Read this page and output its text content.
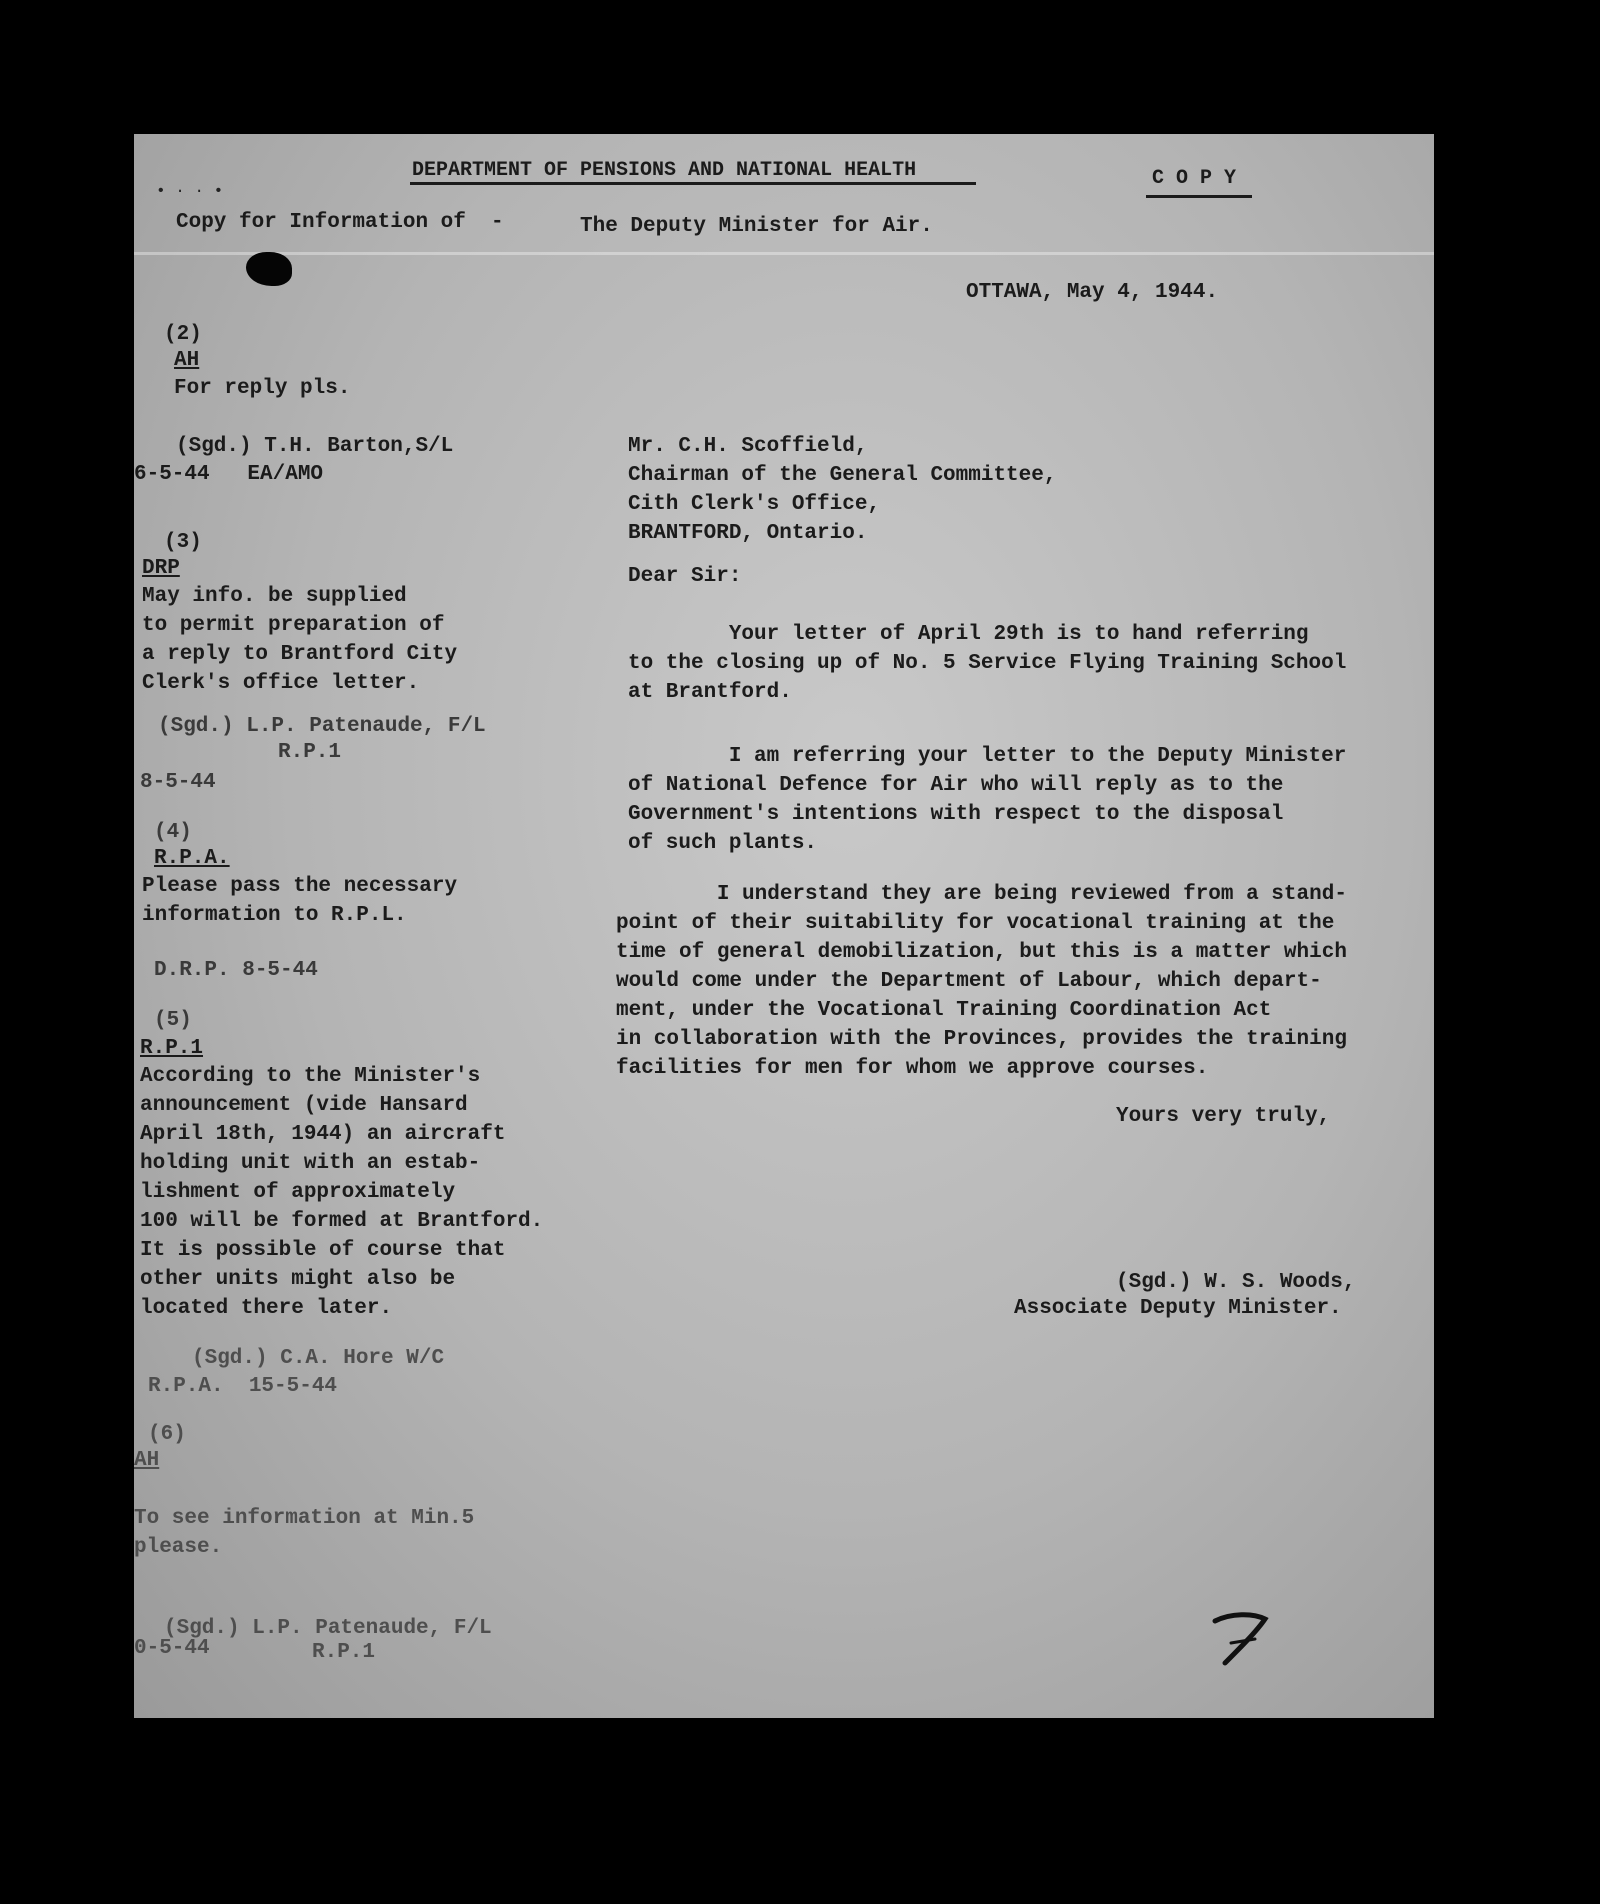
• · · •
DEPARTMENT OF PENSIONS AND NATIONAL HEALTH	C O P Y
Copy for Information of  -	The Deputy Minister for Air.
OTTAWA, May 4, 1944.
(2)
AH
For reply pls.
(Sgd.) T.H. Barton,S/L
6-5-44   EA/AMO
(3)
DRP
May info. be supplied
to permit preparation of
a reply to Brantford City
Clerk's office letter.
(Sgd.) L.P. Patenaude, F/L
R.P.1
8-5-44
(4)
R.P.A.
Please pass the necessary
information to R.P.L.
D.R.P. 8-5-44
(5)
R.P.1
According to the Minister's
announcement (vide Hansard
April 18th, 1944) an aircraft
holding unit with an estab-
lishment of approximately
100 will be formed at Brantford.
It is possible of course that
other units might also be
located there later.
(Sgd.) C.A. Hore W/C
R.P.A.  15-5-44
(6)
AH
To see information at Min.5
please.
(Sgd.) L.P. Patenaude, F/L
0-5-44	R.P.1
Mr. C.H. Scoffield,
Chairman of the General Committee,
Cith Clerk's Office,
BRANTFORD, Ontario.
Dear Sir:
Your letter of April 29th is to hand referring
to the closing up of No. 5 Service Flying Training School
at Brantford.
I am referring your letter to the Deputy Minister
of National Defence for Air who will reply as to the
Government's intentions with respect to the disposal
of such plants.
I understand they are being reviewed from a stand-
point of their suitability for vocational training at the
time of general demobilization, but this is a matter which
would come under the Department of Labour, which depart-
ment, under the Vocational Training Coordination Act
in collaboration with the Provinces, provides the training
facilities for men for whom we approve courses.
Yours very truly,
(Sgd.) W. S. Woods,
Associate Deputy Minister.
2
